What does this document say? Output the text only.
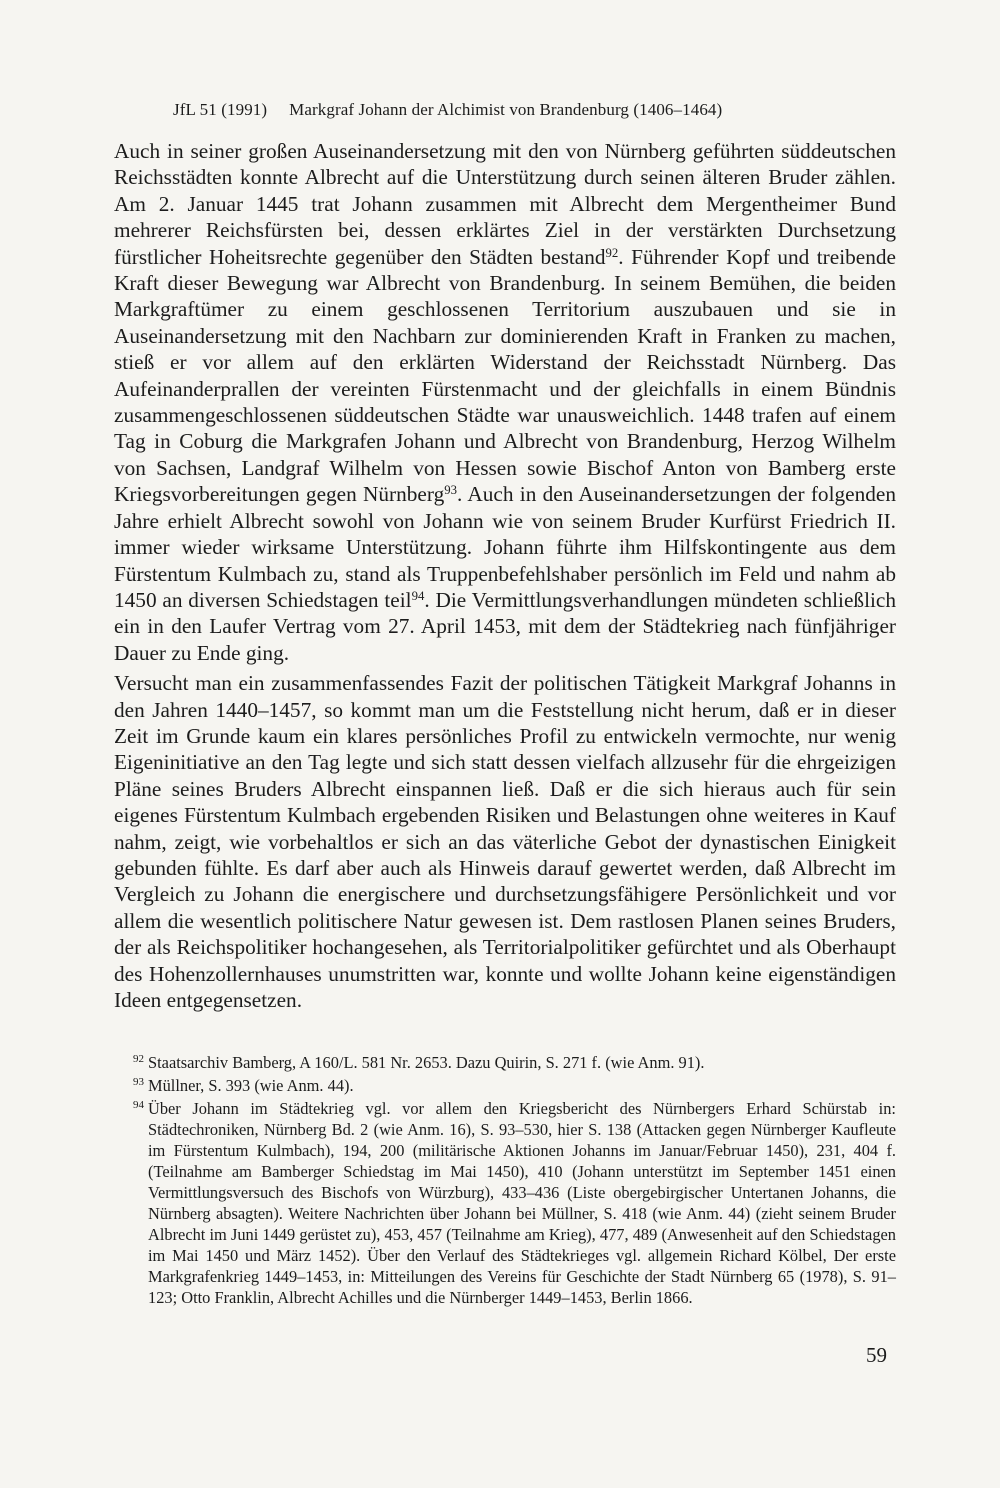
JfL 51 (1991) Markgraf Johann der Alchimist von Brandenburg (1406–1464)

Auch in seiner großen Auseinandersetzung mit den von Nürnberg geführten süddeutschen Reichsstädten konnte Albrecht auf die Unterstützung durch seinen älteren Bruder zählen. Am 2. Januar 1445 trat Johann zusammen mit Albrecht dem Mergentheimer Bund mehrerer Reichsfürsten bei, dessen erklärtes Ziel in der verstärkten Durchsetzung fürstlicher Hoheitsrechte gegenüber den Städten bestand$^{92}$. Führender Kopf und treibende Kraft dieser Bewegung war Albrecht von Brandenburg. In seinem Bemühen, die beiden Markgraftümer zu einem geschlossenen Territorium auszubauen und sie in Auseinandersetzung mit den Nachbarn zur dominierenden Kraft in Franken zu machen, stieß er vor allem auf den erklärten Widerstand der Reichsstadt Nürnberg. Das Aufeinanderprallen der vereinten Fürstenmacht und der gleichfalls in einem Bündnis zusammengeschlossenen süddeutschen Städte war unausweichlich. 1448 trafen auf einem Tag in Coburg die Markgrafen Johann und Albrecht von Brandenburg, Herzog Wilhelm von Sachsen, Landgraf Wilhelm von Hessen sowie Bischof Anton von Bamberg erste Kriegsvorbereitungen gegen Nürnberg$^{93}$. Auch in den Auseinandersetzungen der folgenden Jahre erhielt Albrecht sowohl von Johann wie von seinem Bruder Kurfürst Friedrich II. immer wieder wirksame Unterstützung. Johann führte ihm Hilfskontingente aus dem Fürstentum Kulmbach zu, stand als Truppenbefehlshaber persönlich im Feld und nahm ab 1450 an diversen Schiedstagen teil$^{94}$. Die Vermittlungsverhandlungen mündeten schließlich ein in den Laufer Vertrag vom 27. April 1453, mit dem der Städtekrieg nach fünfjähriger Dauer zu Ende ging.

Versucht man ein zusammenfassendes Fazit der politischen Tätigkeit Markgraf Johanns in den Jahren 1440–1457, so kommt man um die Feststellung nicht herum, daß er in dieser Zeit im Grunde kaum ein klares persönliches Profil zu entwickeln vermochte, nur wenig Eigeninitiative an den Tag legte und sich statt dessen vielfach allzusehr für die ehrgeizigen Pläne seines Bruders Albrecht einspannen ließ. Daß er die sich hieraus auch für sein eigenes Fürstentum Kulmbach ergebenden Risiken und Belastungen ohne weiteres in Kauf nahm, zeigt, wie vorbehaltlos er sich an das väterliche Gebot der dynastischen Einigkeit gebunden fühlte. Es darf aber auch als Hinweis darauf gewertet werden, daß Albrecht im Vergleich zu Johann die energischere und durchsetzungsfähigere Persönlichkeit und vor allem die wesentlich politischere Natur gewesen ist. Dem rastlosen Planen seines Bruders, der als Reichspolitiker hochangesehen, als Territorialpolitiker gefürchtet und als Oberhaupt des Hohenzollernhauses unumstritten war, konnte und wollte Johann keine eigenständigen Ideen entgegensetzen.

92 Staatsarchiv Bamberg, A 160/L. 581 Nr. 2653. Dazu Quirin, S. 271 f. (wie Anm. 91).
93 Müllner, S. 393 (wie Anm. 44).
94 Über Johann im Städtekrieg vgl. vor allem den Kriegsbericht des Nürnbergers Erhard Schürstab in: Städtechroniken, Nürnberg Bd. 2 (wie Anm. 16), S. 93–530, hier S. 138 (Attacken gegen Nürnberger Kaufleute im Fürstentum Kulmbach), 194, 200 (militärische Aktionen Johanns im Januar/Februar 1450), 231, 404 f. (Teilnahme am Bamberger Schiedstag im Mai 1450), 410 (Johann unterstützt im September 1451 einen Vermittlungsversuch des Bischofs von Würzburg), 433–436 (Liste obergebirgischer Untertanen Johanns, die Nürnberg absagten). Weitere Nachrichten über Johann bei Müllner, S. 418 (wie Anm. 44) (zieht seinem Bruder Albrecht im Juni 1449 gerüstet zu), 453, 457 (Teilnahme am Krieg), 477, 489 (Anwesenheit auf den Schiedstagen im Mai 1450 und März 1452). Über den Verlauf des Städtekrieges vgl. allgemein Richard Kölbel, Der erste Markgrafenkrieg 1449–1453, in: Mitteilungen des Vereins für Geschichte der Stadt Nürnberg 65 (1978), S. 91–123; Otto Franklin, Albrecht Achilles und die Nürnberger 1449–1453, Berlin 1866.
59
